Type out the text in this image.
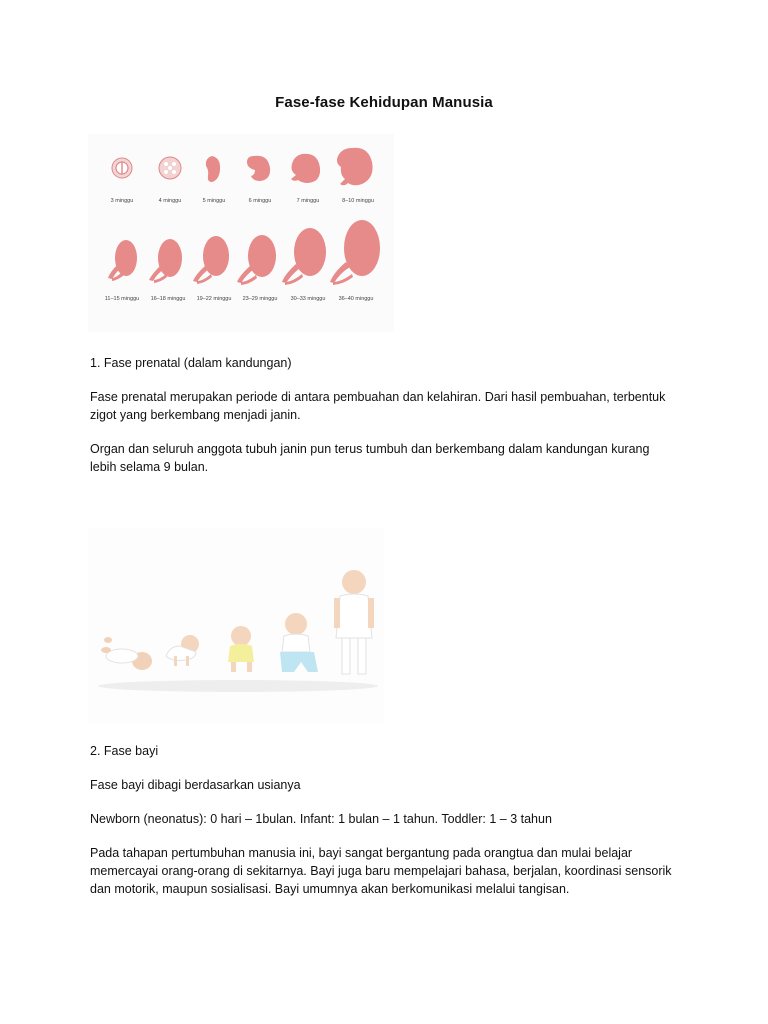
Fase-fase Kehidupan Manusia
3 minggu	4 minggu	5 minggu	6 minggu	7 minggu	8–10 minggu
11–15 minggu 16–18 minggu 19–22 minggu 23–29 minggu 30–33 minggu 36–40 minggu

1. Fase prenatal (dalam kandungan)

Fase prenatal merupakan periode di antara pembuahan dan kelahiran. Dari hasil pembuahan, terbentuk

zigot yang berkembang menjadi janin.

Organ dan seluruh anggota tubuh janin pun terus tumbuh dan berkembang dalam kandungan kurang

lebih selama 9 bulan.

2. Fase bayi

Fase bayi dibagi berdasarkan usianya

Newborn (neonatus): 0 hari – 1bulan. Infant: 1 bulan – 1 tahun. Toddler: 1 – 3 tahun

Pada tahapan pertumbuhan manusia ini, bayi sangat bergantung pada orangtua dan mulai belajar

memercayai orang-orang di sekitarnya. Bayi juga baru mempelajari bahasa, berjalan, koordinasi sensorik

dan motorik, maupun sosialisasi. Bayi umumnya akan berkomunikasi melalui tangisan.
